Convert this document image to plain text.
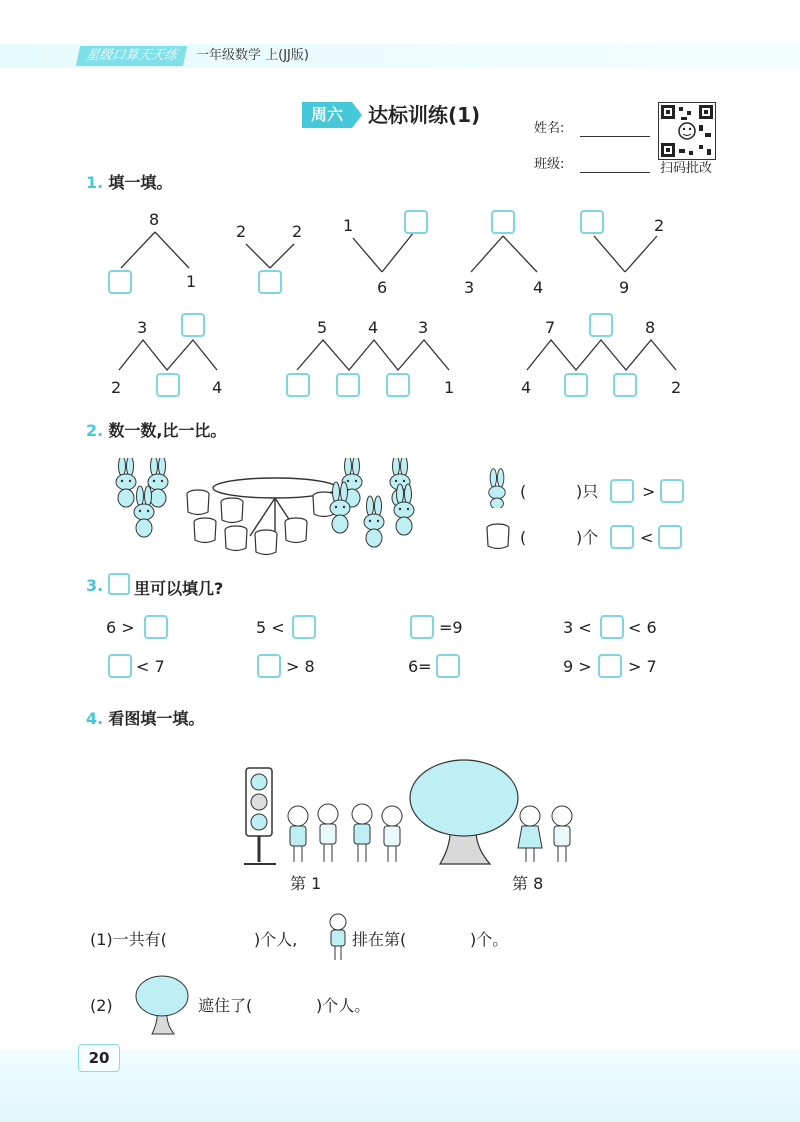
星级口算天天练	一年级数学 上(JJ版)
周六	达标训练(1)
姓名:
班级:	扫码批改
1. 填一填。
8
1
2	2	1
6	3	4
2
9
3
2	4
5	4 3
1
7	8
4	2
2. 数一数,比一比。
(	)只	>
(	)个	<
3. 里可以填几?
6 >	5 <	=9	3 < < 6
< 7	> 8	6=	9 > > 7
4. 看图填一填。
第 1	第 8
(1)一共有(	)个人,	排在第(	)个。
(2)	遮住了(	)个人。
20
